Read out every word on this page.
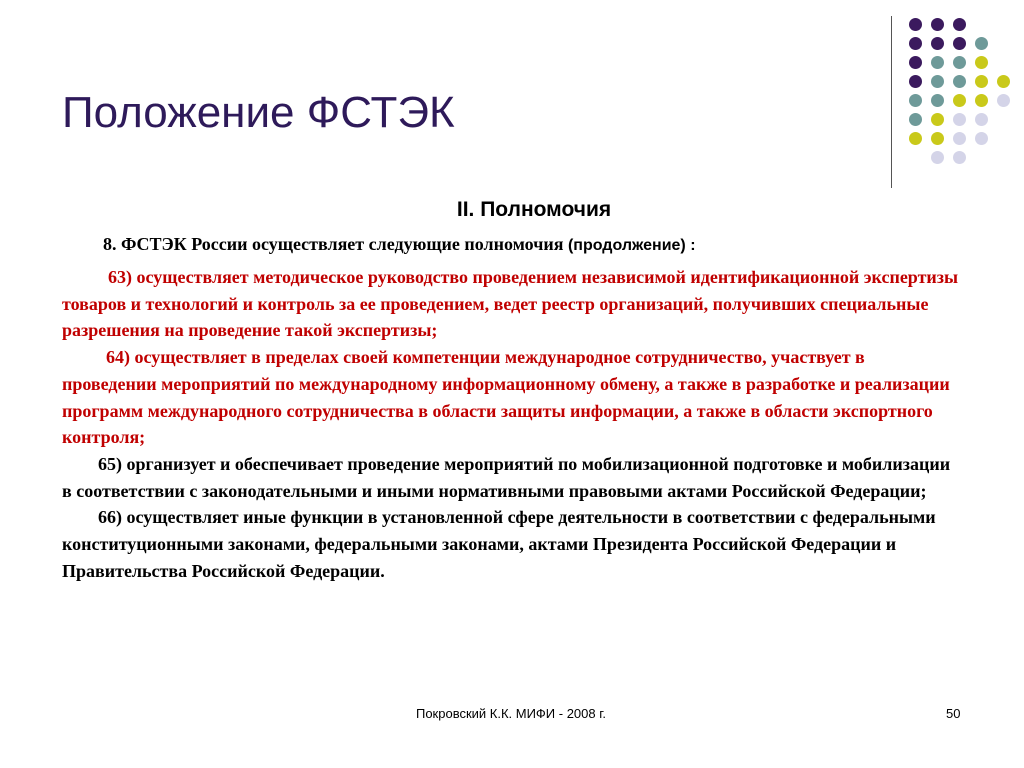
Положение ФСТЭК
II. Полномочия
8. ФСТЭК России осуществляет следующие полномочия (продолжение) :

63) осуществляет методическое руководство проведением независимой идентификационной экспертизы товаров и технологий и контроль за ее проведением, ведет реестр организаций, получивших специальные разрешения на проведение такой экспертизы;

64) осуществляет в пределах своей компетенции международное сотрудничество, участвует в проведении мероприятий по международному информационному обмену, а также в разработке и реализации программ международного сотрудничества в области защиты информации, а также в области экспортного контроля;

65) организует и обеспечивает проведение мероприятий по мобилизационной подготовке и мобилизации в соответствии с законодательными и иными нормативными правовыми актами Российской Федерации;

66) осуществляет иные функции в установленной сфере деятельности в соответствии с федеральными конституционными законами, федеральными законами, актами Президента Российской Федерации и Правительства Российской Федерации.

Покровский К.К. МИФИ - 2008 г.	50
